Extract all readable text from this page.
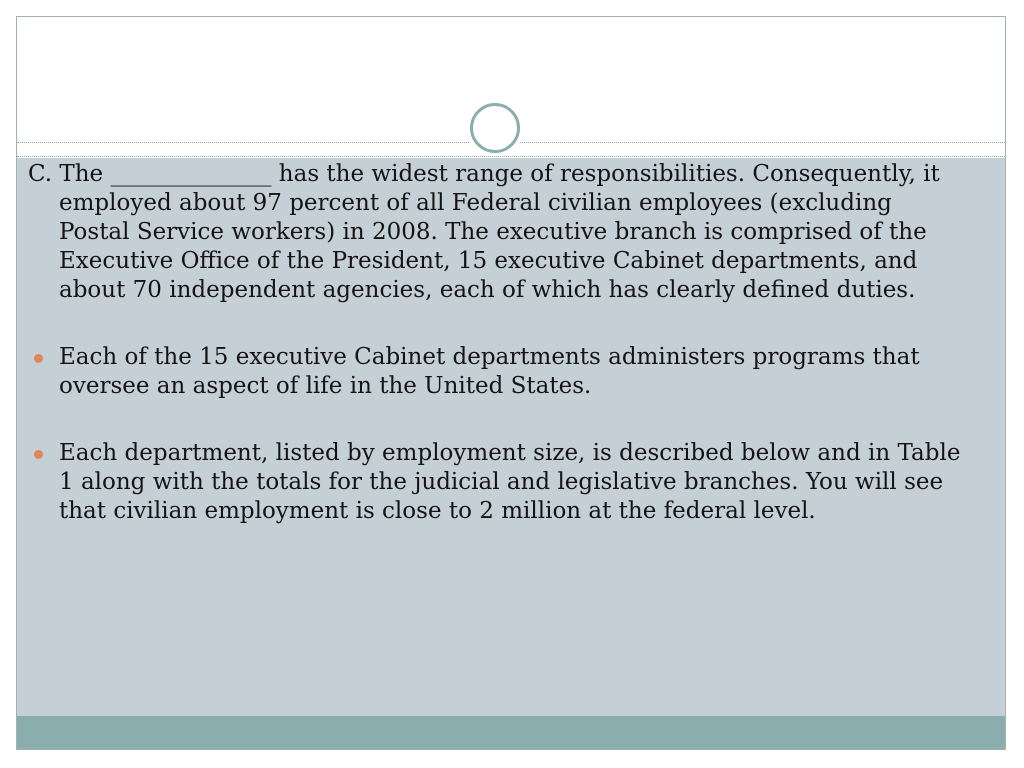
C. The ______________ has the widest range of responsibilities. Consequently, it employed about 97 percent of all Federal civilian employees (excluding Postal Service workers) in 2008. The executive branch is comprised of the Executive Office of the President, 15 executive Cabinet departments, and about 70 independent agencies, each of which has clearly defined duties.

Each of the 15 executive Cabinet departments administers programs that oversee an aspect of life in the United States.
Each department, listed by employment size, is described below and in Table 1 along with the totals for the judicial and legislative branches. You will see that civilian employment is close to 2 million at the federal level.
